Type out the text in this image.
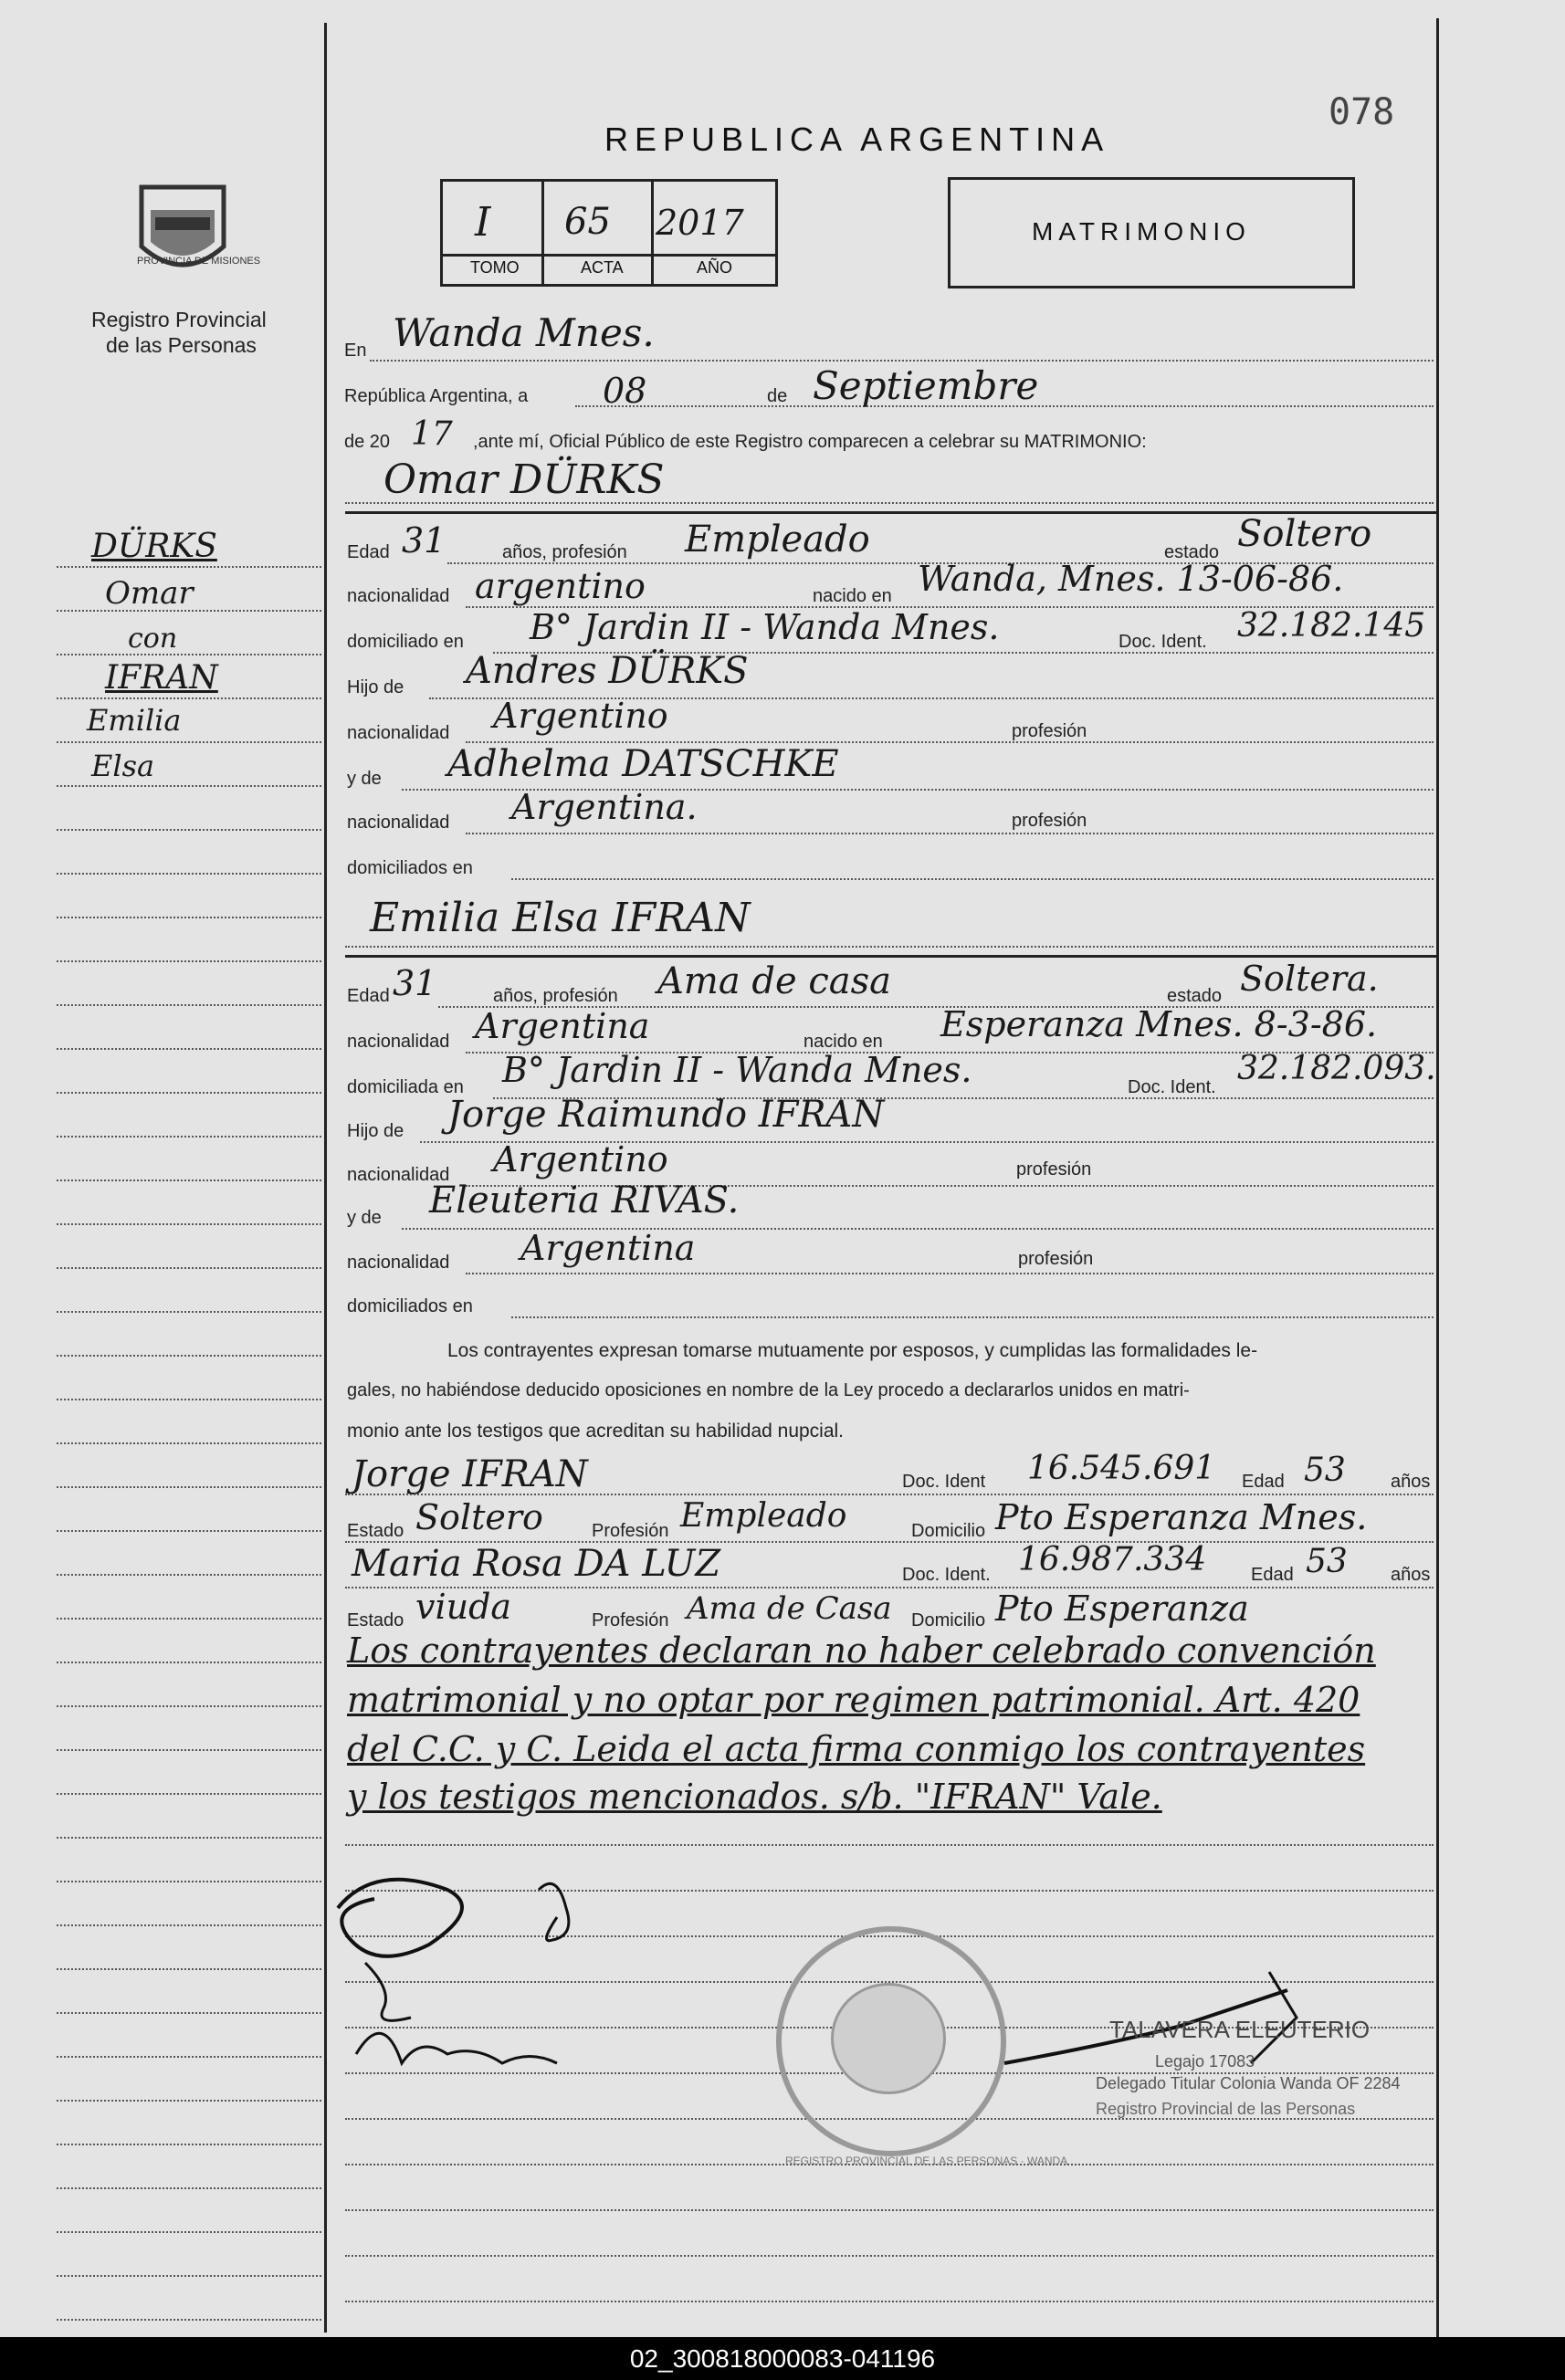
REPUBLICA ARGENTINA
078
PROVINCIA DE MISIONES
Registro Provincial
de las Personas
I 65 2017
TOMO	ACTA	AÑO
MATRIMONIO
DÜRKS
Omar
con
IFRAN
Emilia
Elsa
En Wanda Mnes.
República Argentina, a 08	de Septiembre
de 20 17 ,ante mí, Oficial Público de este Registro comparecen a celebrar su MATRIMONIO:
Omar DÜRKS
Edad 31	años, profesión Empleado	estado Soltero
nacionalidad argentino	nacido en Wanda, Mnes. 13-06-86.
domiciliado en B° Jardin II - Wanda Mnes.	Doc. Ident. 32.182.145
Hijo de Andres DÜRKS
nacionalidad Argentino	profesión
y de Adhelma DATSCHKE
nacionalidad Argentina.	profesión
domiciliados en
Emilia Elsa IFRAN
Edad 31	años, profesión Ama de casa	estado Soltera.
nacionalidad Argentina	nacido en Esperanza Mnes. 8-3-86.
domiciliada en B° Jardin II - Wanda Mnes.	Doc. Ident. 32.182.093.
Hijo de Jorge Raimundo IFRAN
nacionalidad Argentino	profesión
y de Eleuteria RIVAS.
nacionalidad Argentina	profesión
domiciliados en
Los contrayentes expresan tomarse mutuamente por esposos, y cumplidas las formalidades le-
gales, no habiéndose deducido oposiciones en nombre de la Ley procedo a declararlos unidos en matri-
monio ante los testigos que acreditan su habilidad nupcial.
Jorge IFRAN	Doc. Ident 16.545.691 Edad 53 años
Estado Soltero	Profesión Empleado	Domicilio Pto Esperanza Mnes.
Maria Rosa DA LUZ	Doc. Ident. 16.987.334 Edad 53 años
Estado viuda	Profesión Ama de Casa Domicilio Pto Esperanza
Los contrayentes declaran no haber celebrado convención
matrimonial y no optar por regimen patrimonial. Art. 420
del C.C. y C. Leida el acta firma conmigo los contrayentes
y los testigos mencionados. s/b. "IFRAN" Vale.
REGISTRO PROVINCIAL DE LAS PERSONAS · WANDA
TALAVERA ELEUTERIO
Legajo 17083
Delegado Titular Colonia Wanda OF 2284
Registro Provincial de las Personas
02_300818000083-041196
